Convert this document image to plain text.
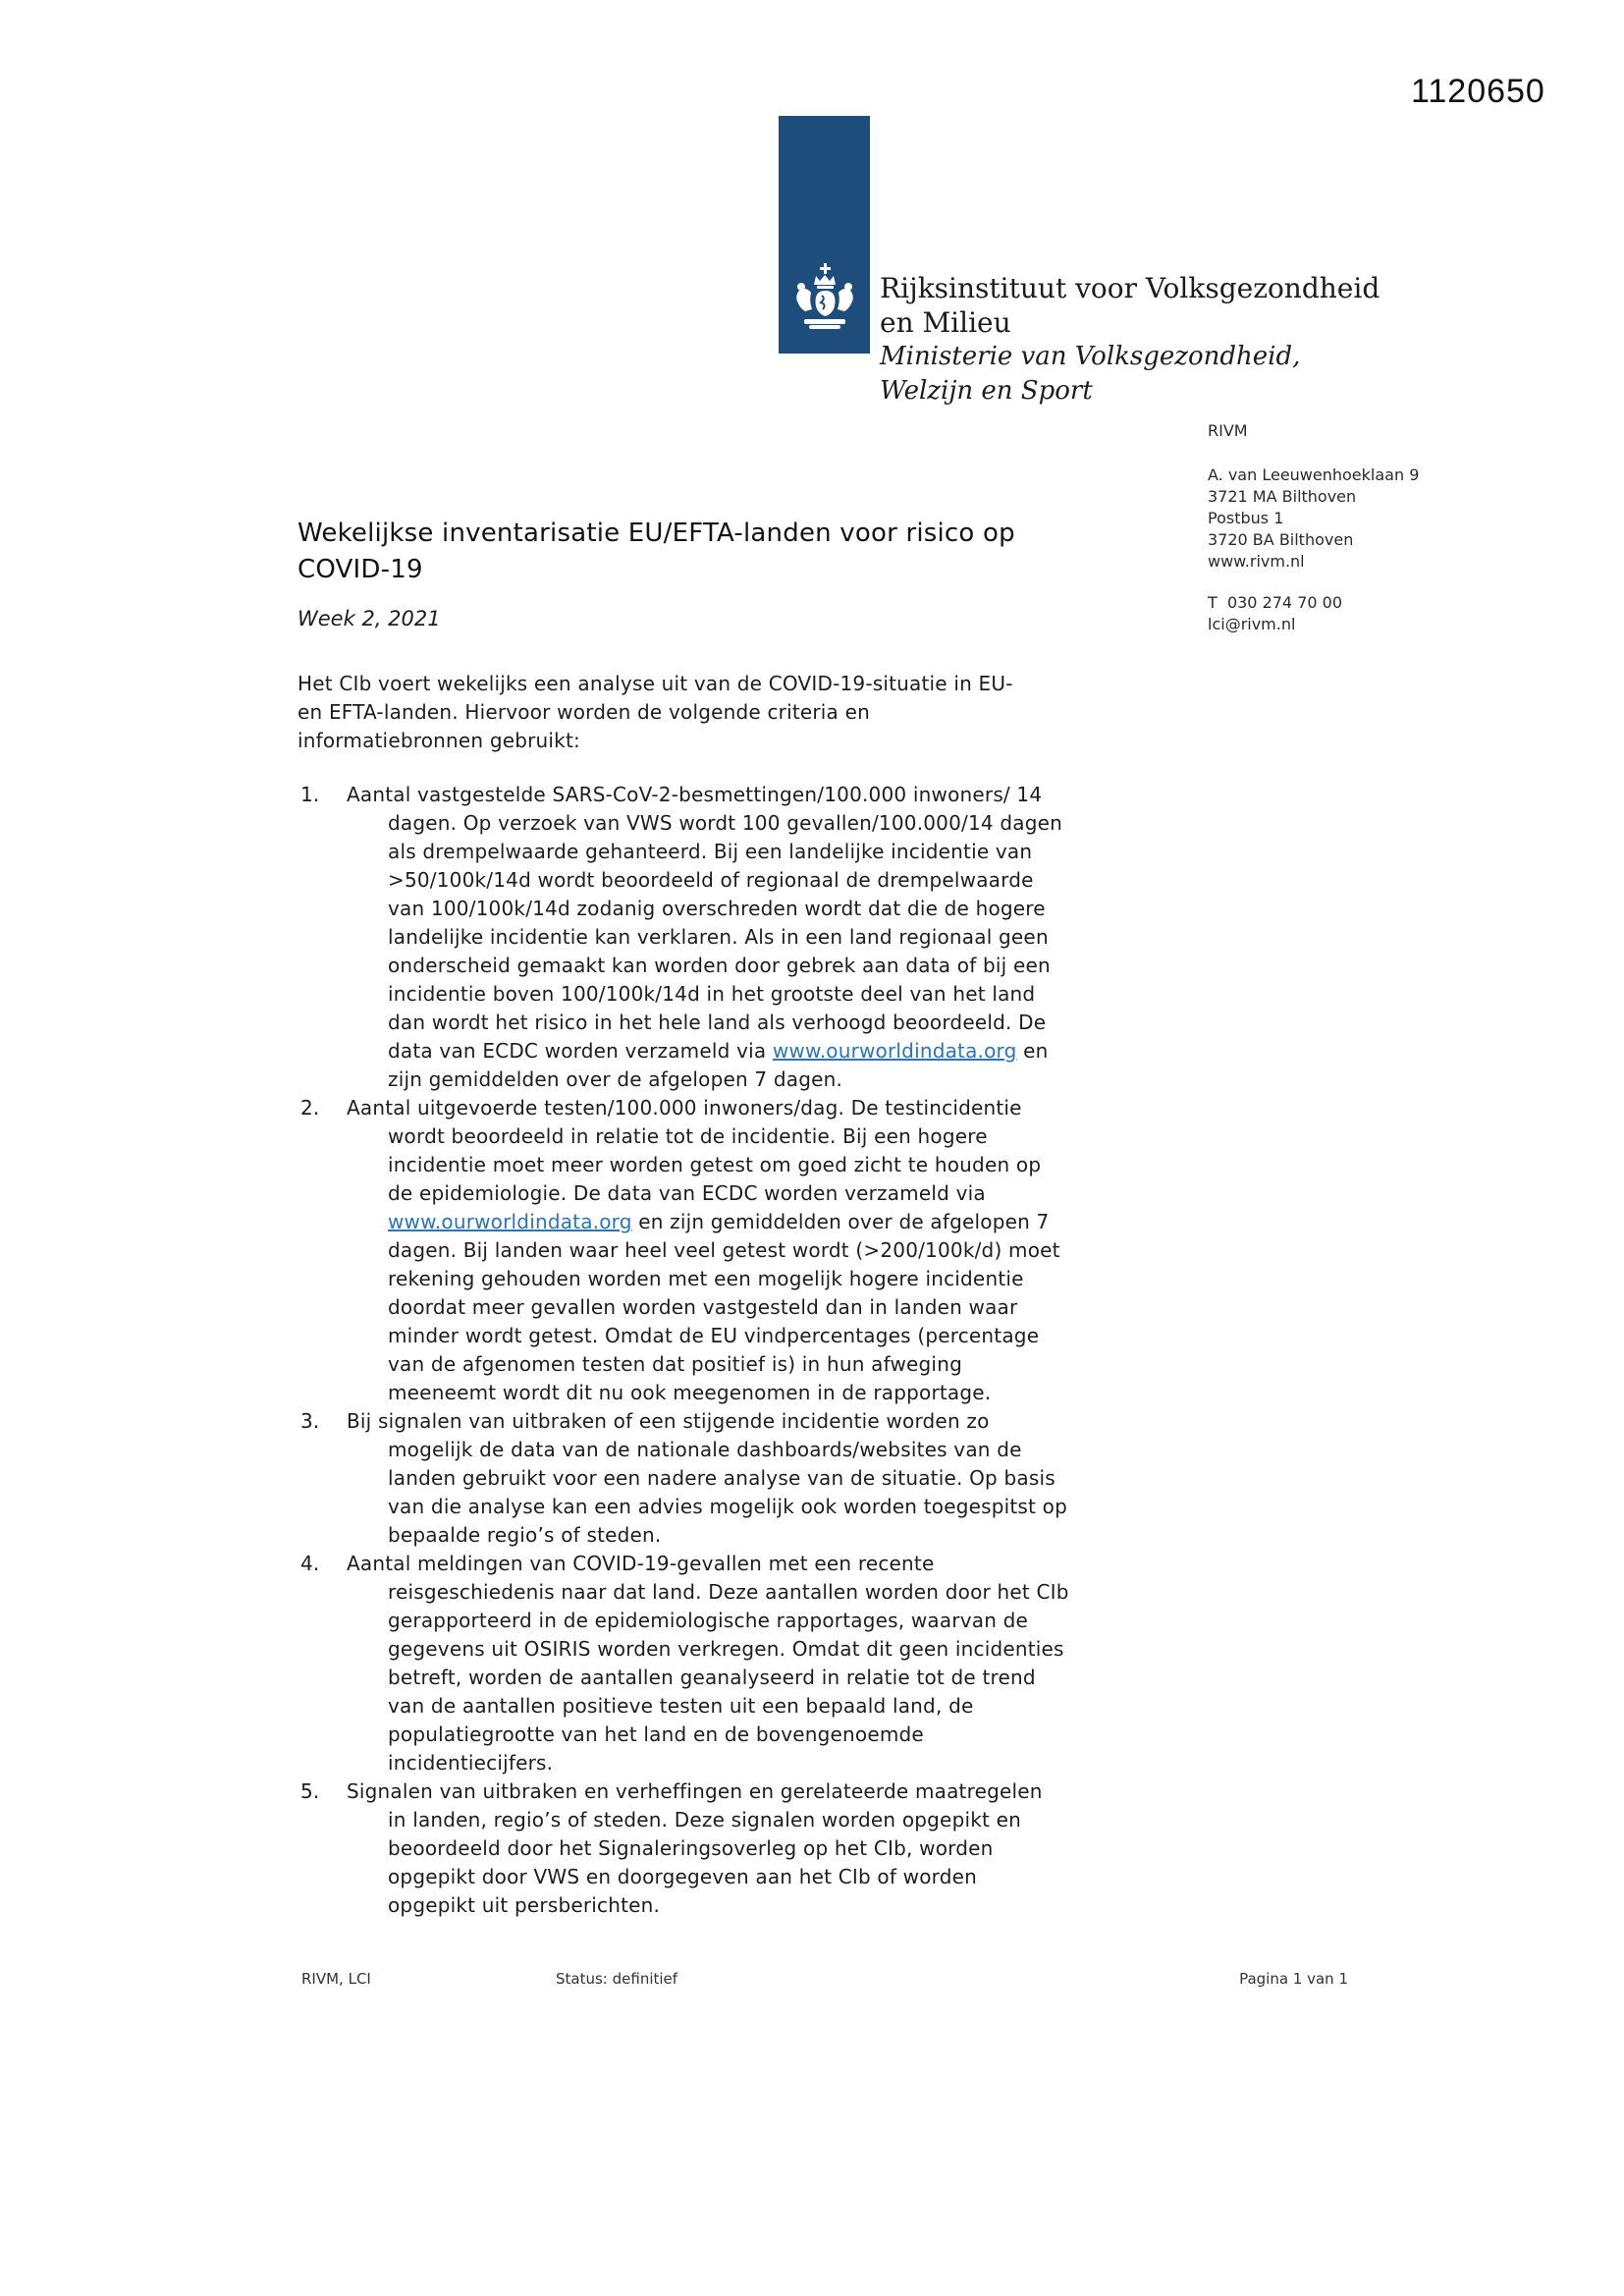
1120650
Rijksinstituut voor Volksgezondheid
en Milieu
Ministerie van Volksgezondheid,
Welzijn en Sport
RIVM
A. van Leeuwenhoeklaan 9
3721 MA Bilthoven
Postbus 1
3720 BA Bilthoven
www.rivm.nl
T  030 274 70 00
lci@rivm.nl
Wekelijkse inventarisatie EU/EFTA-landen voor risico op
COVID-19
Week 2, 2021
Het CIb voert wekelijks een analyse uit van de COVID-19-situatie in EU-
en EFTA-landen. Hiervoor worden de volgende criteria en
informatiebronnen gebruikt:
1. Aantal vastgestelde SARS-CoV-2-besmettingen/100.000 inwoners/ 14
dagen. Op verzoek van VWS wordt 100 gevallen/100.000/14 dagen
als drempelwaarde gehanteerd. Bij een landelijke incidentie van
>50/100k/14d wordt beoordeeld of regionaal de drempelwaarde
van 100/100k/14d zodanig overschreden wordt dat die de hogere
landelijke incidentie kan verklaren. Als in een land regionaal geen
onderscheid gemaakt kan worden door gebrek aan data of bij een
incidentie boven 100/100k/14d in het grootste deel van het land
dan wordt het risico in het hele land als verhoogd beoordeeld. De
data van ECDC worden verzameld via www.ourworldindata.org en
zijn gemiddelden over de afgelopen 7 dagen.
2. Aantal uitgevoerde testen/100.000 inwoners/dag. De testincidentie
wordt beoordeeld in relatie tot de incidentie. Bij een hogere
incidentie moet meer worden getest om goed zicht te houden op
de epidemiologie. De data van ECDC worden verzameld via
www.ourworldindata.org en zijn gemiddelden over de afgelopen 7
dagen. Bij landen waar heel veel getest wordt (>200/100k/d) moet
rekening gehouden worden met een mogelijk hogere incidentie
doordat meer gevallen worden vastgesteld dan in landen waar
minder wordt getest. Omdat de EU vindpercentages (percentage
van de afgenomen testen dat positief is) in hun afweging
meeneemt wordt dit nu ook meegenomen in de rapportage.
3. Bij signalen van uitbraken of een stijgende incidentie worden zo
mogelijk de data van de nationale dashboards/websites van de
landen gebruikt voor een nadere analyse van de situatie. Op basis
van die analyse kan een advies mogelijk ook worden toegespitst op
bepaalde regio’s of steden.
4. Aantal meldingen van COVID-19-gevallen met een recente
reisgeschiedenis naar dat land. Deze aantallen worden door het CIb
gerapporteerd in de epidemiologische rapportages, waarvan de
gegevens uit OSIRIS worden verkregen. Omdat dit geen incidenties
betreft, worden de aantallen geanalyseerd in relatie tot de trend
van de aantallen positieve testen uit een bepaald land, de
populatiegrootte van het land en de bovengenoemde
incidentiecijfers.
5. Signalen van uitbraken en verheffingen en gerelateerde maatregelen
in landen, regio’s of steden. Deze signalen worden opgepikt en
beoordeeld door het Signaleringsoverleg op het CIb, worden
opgepikt door VWS en doorgegeven aan het CIb of worden
opgepikt uit persberichten.
RIVM, LCI	Status: definitief	Pagina 1 van 1
